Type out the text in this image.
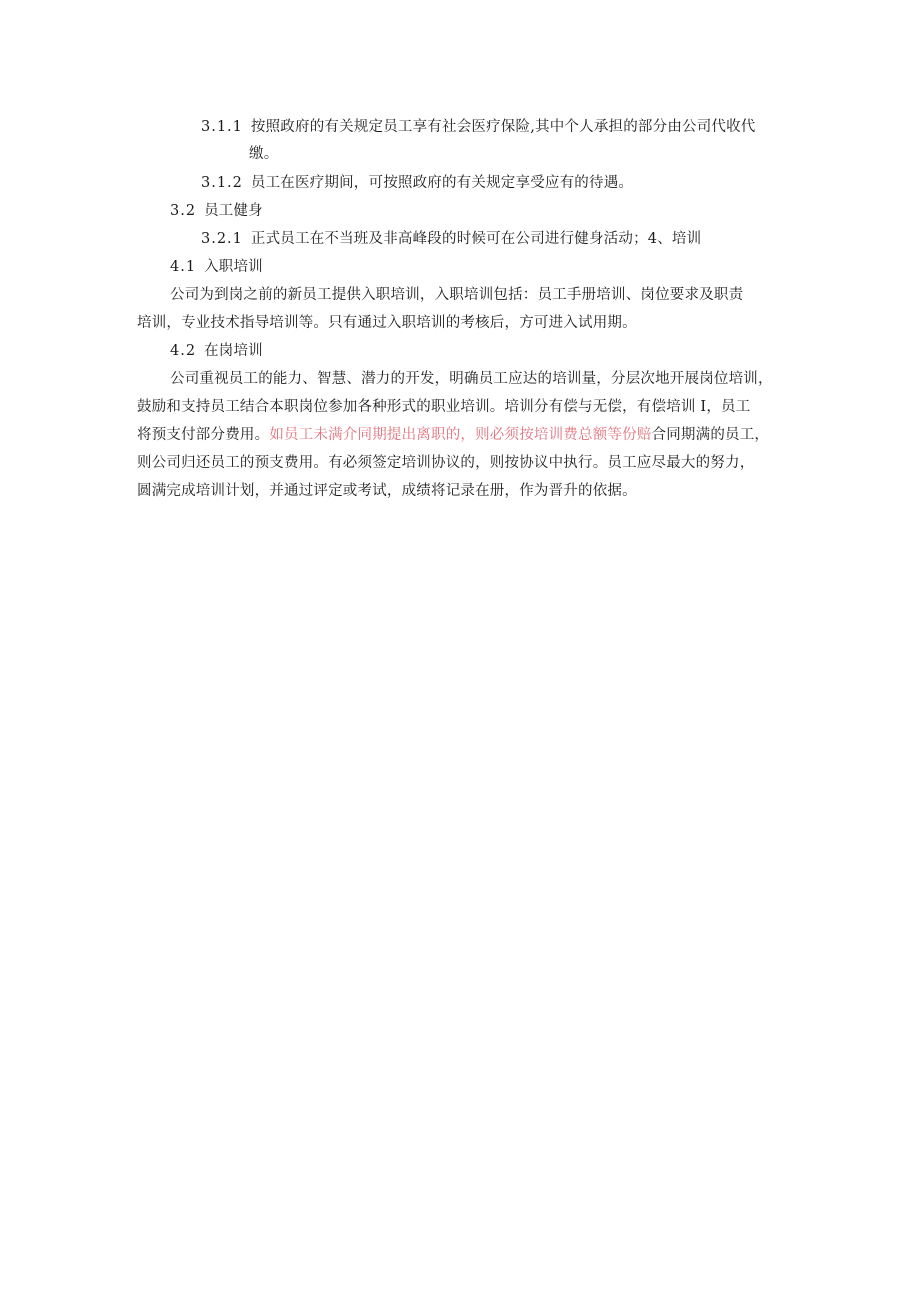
3.1.1 按照政府的有关规定员工享有社会医疗保险,其中个人承担的部分由公司代收代
缴。
3.1.2 员工在医疗期间，可按照政府的有关规定享受应有的待遇。
3.2 员工健身
3.2.1 正式员工在不当班及非高峰段的时候可在公司进行健身活动；4、培训
4.1 入职培训
公司为到岗之前的新员工提供入职培训，入职培训包括：员工手册培训、岗位要求及职责
培训，专业技术指导培训等。只有通过入职培训的考核后，方可进入试用期。
4.2 在岗培训
公司重视员工的能力、智慧、潜力的开发，明确员工应达的培训量，分层次地开展岗位培训，
鼓励和支持员工结合本职岗位参加各种形式的职业培训。培训分有偿与无偿，有偿培训 I，员工
将预支付部分费用。如员工未满介同期提出离职的，则必须按培训费总额等份赔合同期满的员工，
则公司归还员工的预支费用。有必须签定培训协议的，则按协议中执行。员工应尽最大的努力，
圆满完成培训计划，并通过评定或考试，成绩将记录在册，作为晋升的依据。
